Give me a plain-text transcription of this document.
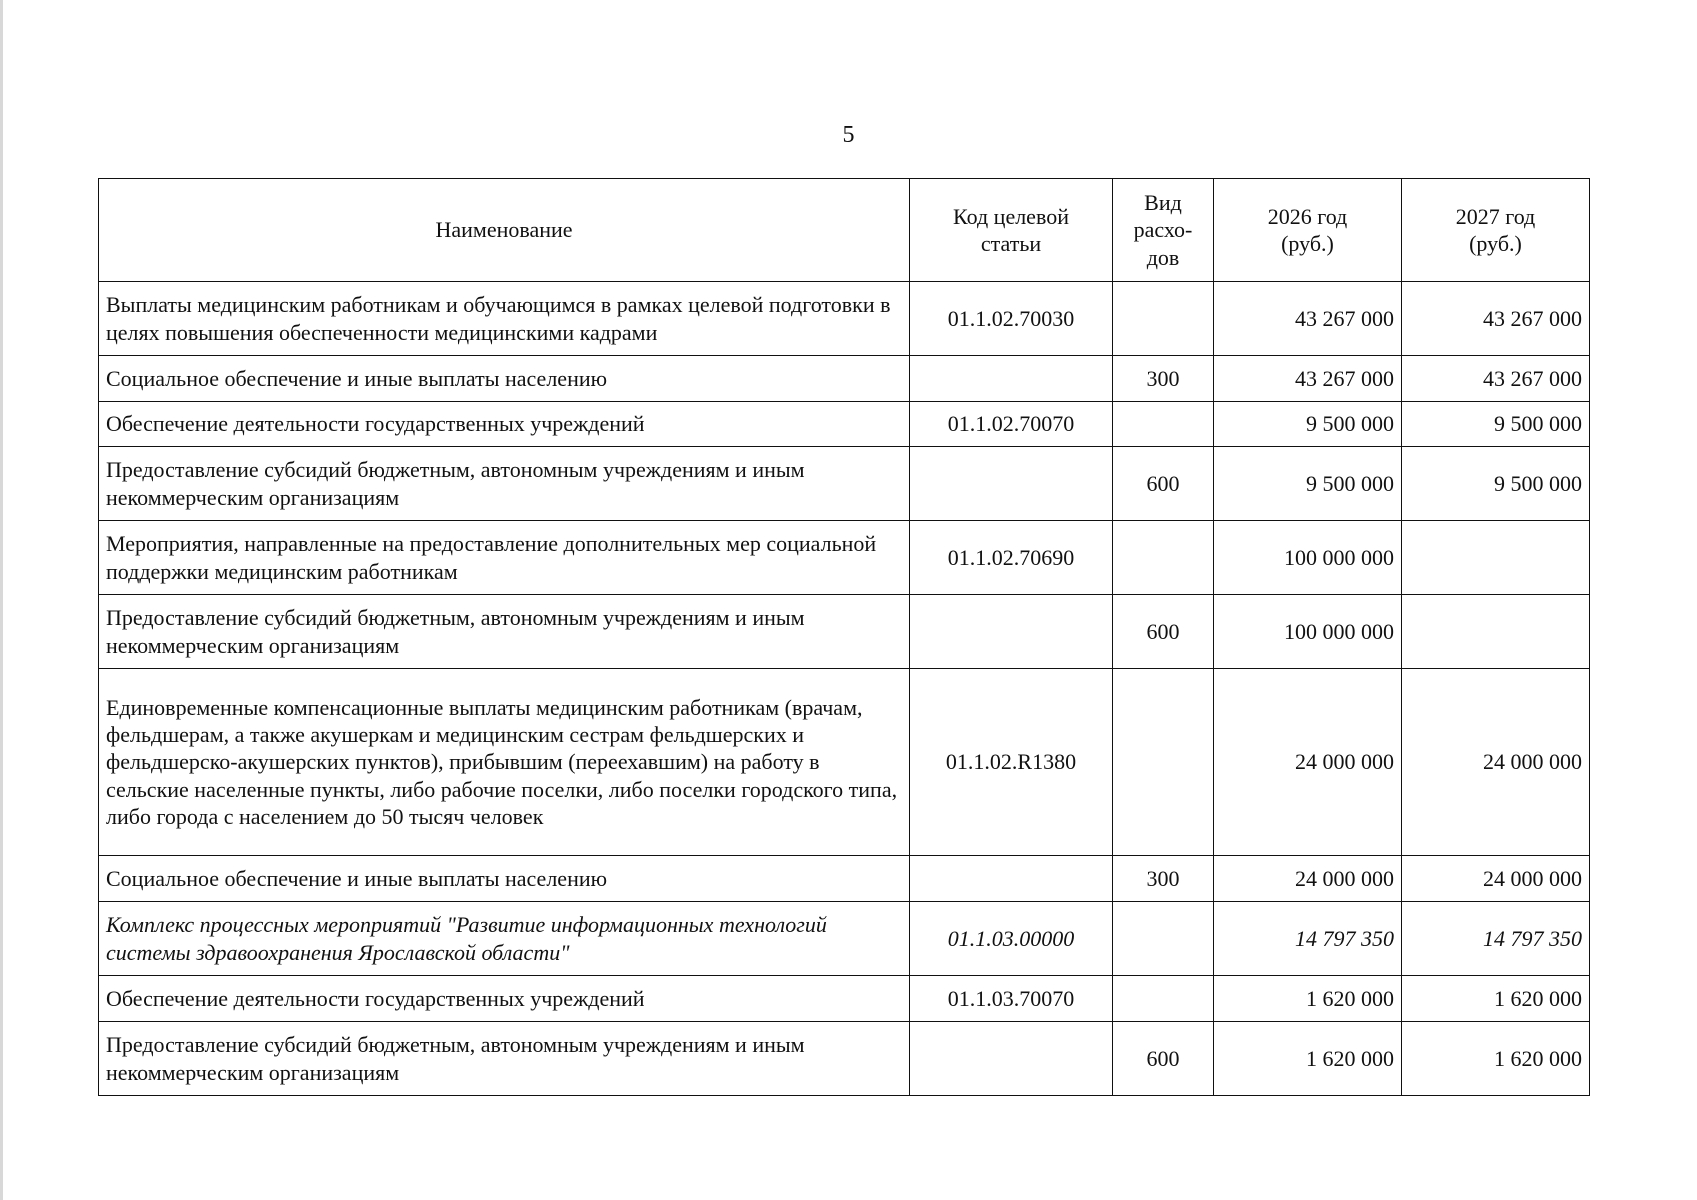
5
Наименование	Код целевой статьи	Вид расхо-дов	2026 год (руб.)	2027 год (руб.)
Выплаты медицинским работникам и обучающимся в рамках целевой подготовки в целях повышения обеспеченности медицинскими кадрами	01.1.02.70030		43 267 000	43 267 000
Социальное обеспечение и иные выплаты населению		300	43 267 000	43 267 000
Обеспечение деятельности государственных учреждений	01.1.02.70070		9 500 000	9 500 000
Предоставление субсидий бюджетным, автономным учреждениям и иным некоммерческим организациям		600	9 500 000	9 500 000
Мероприятия, направленные на предоставление дополнительных мер социальной поддержки медицинским работникам	01.1.02.70690		100 000 000	
Предоставление субсидий бюджетным, автономным учреждениям и иным некоммерческим организациям		600	100 000 000	
Единовременные компенсационные выплаты медицинским работникам (врачам, фельдшерам, а также акушеркам и медицинским сестрам фельдшерских и фельдшерско-акушерских пунктов), прибывшим (переехавшим) на работу в сельские населенные пункты, либо рабочие поселки, либо поселки городского типа, либо города с населением до 50 тысяч человек	01.1.02.R1380		24 000 000	24 000 000
Социальное обеспечение и иные выплаты населению		300	24 000 000	24 000 000
Комплекс процессных мероприятий "Развитие информационных технологий системы здравоохранения Ярославской области"	01.1.03.00000		14 797 350	14 797 350
Обеспечение деятельности государственных учреждений	01.1.03.70070		1 620 000	1 620 000
Предоставление субсидий бюджетным, автономным учреждениям и иным некоммерческим организациям		600	1 620 000	1 620 000
